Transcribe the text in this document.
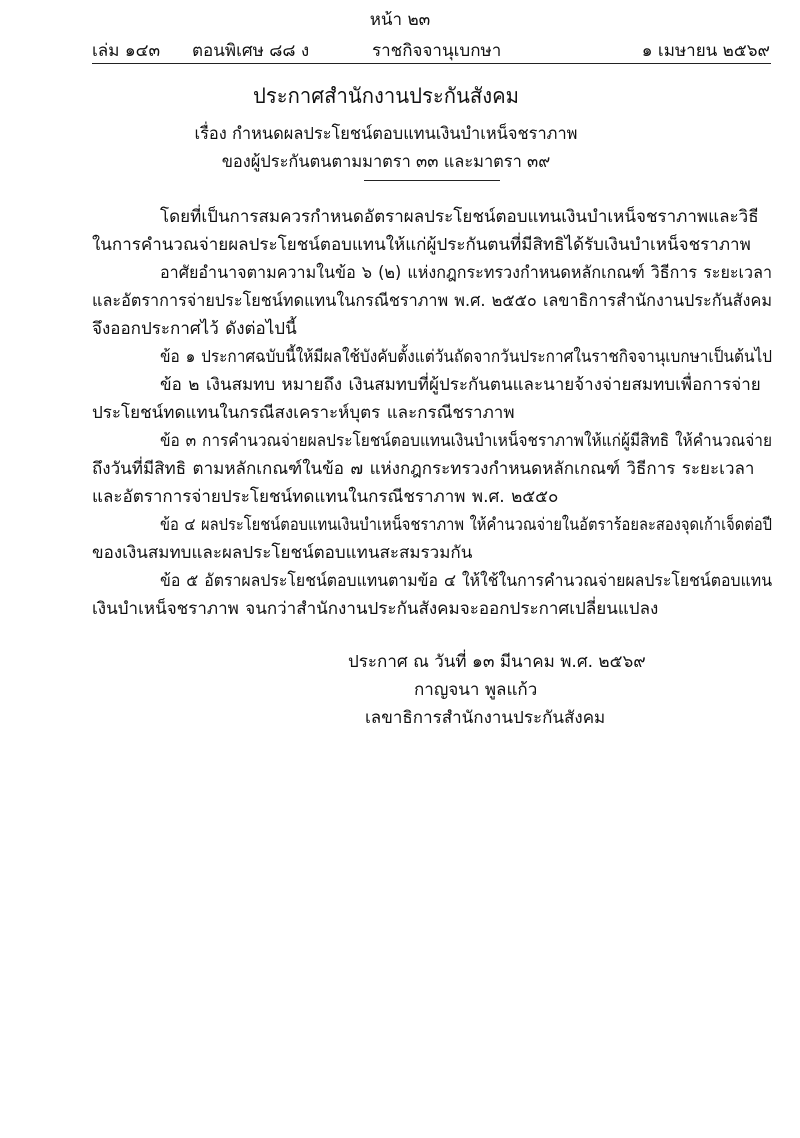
หน้า ๒๓
เล่ม ๑๔๓ ตอนพิเศษ ๘๘ ง	ราชกิจจานุเบกษา	๑ เมษายน ๒๕๖๙
ประกาศสำนักงานประกันสังคม
เรื่อง กำหนดผลประโยชน์ตอบแทนเงินบำเหน็จชราภาพ
ของผู้ประกันตนตามมาตรา ๓๓ และมาตรา ๓๙
โดยที่เป็นการสมควรกำหนดอัตราผลประโยชน์ตอบแทนเงินบำเหน็จชราภาพและวิธี
ในการคำนวณจ่ายผลประโยชน์ตอบแทนให้แก่ผู้ประกันตนที่มีสิทธิได้รับเงินบำเหน็จชราภาพ
อาศัยอำนาจตามความในข้อ ๖ (๒) แห่งกฎกระทรวงกำหนดหลักเกณฑ์ วิธีการ ระยะเวลา
และอัตราการจ่ายประโยชน์ทดแทนในกรณีชราภาพ พ.ศ. ๒๕๕๐ เลขาธิการสำนักงานประกันสังคม
จึงออกประกาศไว้ ดังต่อไปนี้
ข้อ ๑ ประกาศฉบับนี้ให้มีผลใช้บังคับตั้งแต่วันถัดจากวันประกาศในราชกิจจานุเบกษาเป็นต้นไป
ข้อ ๒ เงินสมทบ หมายถึง เงินสมทบที่ผู้ประกันตนและนายจ้างจ่ายสมทบเพื่อการจ่าย
ประโยชน์ทดแทนในกรณีสงเคราะห์บุตร และกรณีชราภาพ
ข้อ ๓ การคำนวณจ่ายผลประโยชน์ตอบแทนเงินบำเหน็จชราภาพให้แก่ผู้มีสิทธิ ให้คำนวณจ่าย
ถึงวันที่มีสิทธิ ตามหลักเกณฑ์ในข้อ ๗ แห่งกฎกระทรวงกำหนดหลักเกณฑ์ วิธีการ ระยะเวลา
และอัตราการจ่ายประโยชน์ทดแทนในกรณีชราภาพ พ.ศ. ๒๕๕๐
ข้อ ๔ ผลประโยชน์ตอบแทนเงินบำเหน็จชราภาพ ให้คำนวณจ่ายในอัตราร้อยละสองจุดเก้าเจ็ดต่อปี
ของเงินสมทบและผลประโยชน์ตอบแทนสะสมรวมกัน
ข้อ ๕ อัตราผลประโยชน์ตอบแทนตามข้อ ๔ ให้ใช้ในการคำนวณจ่ายผลประโยชน์ตอบแทน
เงินบำเหน็จชราภาพ จนกว่าสำนักงานประกันสังคมจะออกประกาศเปลี่ยนแปลง
ประกาศ ณ วันที่ ๑๓ มีนาคม พ.ศ. ๒๕๖๙
กาญจนา พูลแก้ว
เลขาธิการสำนักงานประกันสังคม
